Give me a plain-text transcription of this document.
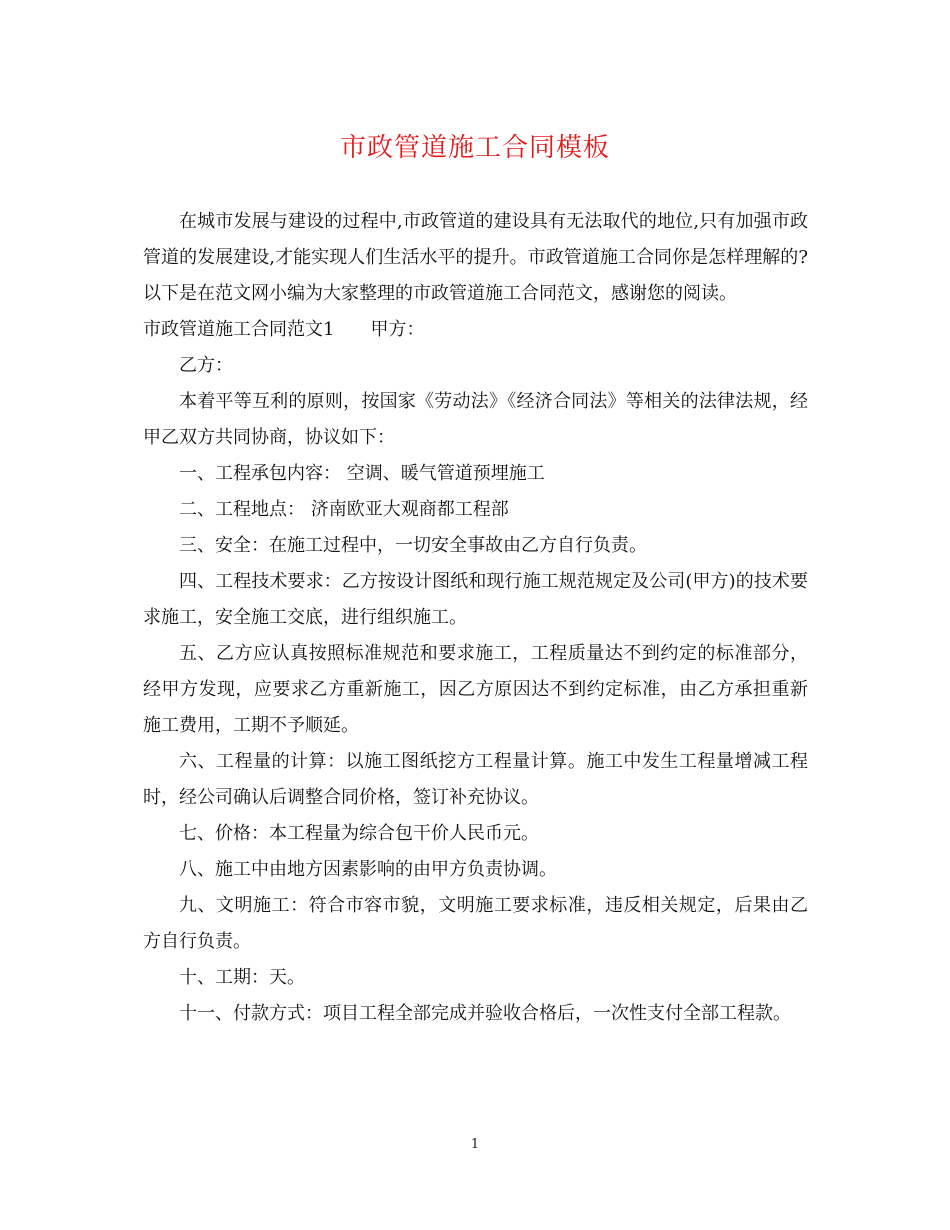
市政管道施工合同模板

在城市发展与建设的过程中,市政管道的建设具有无法取代的地位,只有加强市政管道的发展建设,才能实现人们生活水平的提升。市政管道施工合同你是怎样理解的?以下是在范文网小编为大家整理的市政管道施工合同范文，感谢您的阅读。

市政管道施工合同范文1 甲方：

乙方：

本着平等互利的原则，按国家《劳动法》《经济合同法》等相关的法律法规，经甲乙双方共同协商，协议如下：

一、工程承包内容： 空调、暖气管道预埋施工

二、工程地点： 济南欧亚大观商都工程部

三、安全：在施工过程中，一切安全事故由乙方自行负责。

四、工程技术要求：乙方按设计图纸和现行施工规范规定及公司(甲方)的技术要求施工，安全施工交底，进行组织施工。

五、乙方应认真按照标准规范和要求施工，工程质量达不到约定的标准部分，经甲方发现，应要求乙方重新施工，因乙方原因达不到约定标准，由乙方承担重新施工费用，工期不予顺延。

六、工程量的计算：以施工图纸挖方工程量计算。施工中发生工程量增减工程时，经公司确认后调整合同价格，签订补充协议。

七、价格：本工程量为综合包干价人民币元。

八、施工中由地方因素影响的由甲方负责协调。

九、文明施工：符合市容市貌，文明施工要求标准，违反相关规定，后果由乙方自行负责。

十、工期：天。

十一、付款方式：项目工程全部完成并验收合格后，一次性支付全部工程款。

1
